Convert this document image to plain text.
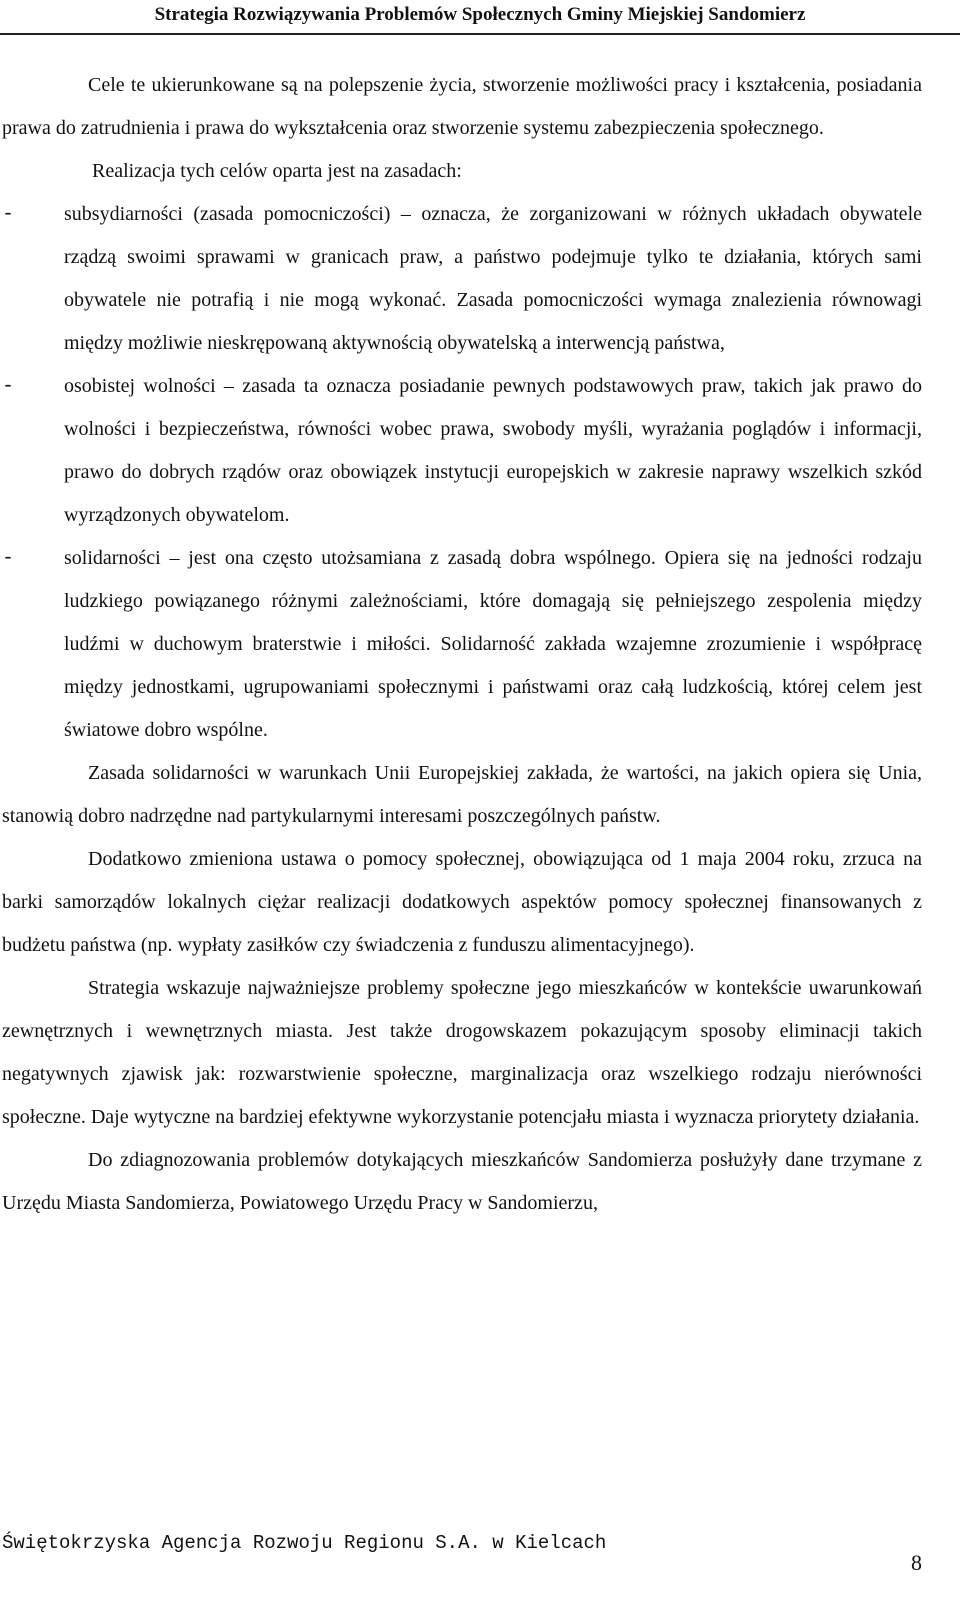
Strategia Rozwiązywania Problemów Społecznych Gminy Miejskiej Sandomierz

Cele te ukierunkowane są na polepszenie życia, stworzenie możliwości pracy i kształcenia, posiadania prawa do zatrudnienia i prawa do wykształcenia oraz stworzenie systemu zabezpieczenia społecznego.

Realizacja tych celów oparta jest na zasadach:

-	subsydiarności (zasada pomocniczości) – oznacza, że zorganizowani w różnych układach obywatele rządzą swoimi sprawami w granicach praw, a państwo podejmuje tylko te działania, których sami obywatele nie potrafią i nie mogą wykonać. Zasada pomocniczości wymaga znalezienia równowagi między możliwie nieskrępowaną aktywnością obywatelską a interwencją państwa,
-	osobistej wolności – zasada ta oznacza posiadanie pewnych podstawowych praw, takich jak prawo do wolności i bezpieczeństwa, równości wobec prawa, swobody myśli, wyrażania poglądów i informacji, prawo do dobrych rządów oraz obowiązek instytucji europejskich w zakresie naprawy wszelkich szkód wyrządzonych obywatelom.
-	solidarności – jest ona często utożsamiana z zasadą dobra wspólnego. Opiera się na jedności rodzaju ludzkiego powiązanego różnymi zależnościami, które domagają się pełniejszego zespolenia między ludźmi w duchowym braterstwie i miłości. Solidarność zakłada wzajemne zrozumienie i współpracę między jednostkami, ugrupowaniami społecznymi i państwami oraz całą ludzkością, której celem jest światowe dobro wspólne.

Zasada solidarności w warunkach Unii Europejskiej zakłada, że wartości, na jakich opiera się Unia, stanowią dobro nadrzędne nad partykularnymi interesami poszczególnych państw.

Dodatkowo zmieniona ustawa o pomocy społecznej, obowiązująca od 1 maja 2004 roku, zrzuca na barki samorządów lokalnych ciężar realizacji dodatkowych aspektów pomocy społecznej finansowanych z budżetu państwa (np. wypłaty zasiłków czy świadczenia z funduszu alimentacyjnego).

Strategia wskazuje najważniejsze problemy społeczne jego mieszkańców w kontekście uwarunkowań zewnętrznych i wewnętrznych miasta. Jest także drogowskazem pokazującym sposoby eliminacji takich negatywnych zjawisk jak: rozwarstwienie społeczne, marginalizacja oraz wszelkiego rodzaju nierówności społeczne. Daje wytyczne na bardziej efektywne wykorzystanie potencjału miasta i wyznacza priorytety działania.

Do zdiagnozowania problemów dotykających mieszkańców Sandomierza posłużyły dane trzymane z Urzędu Miasta Sandomierza, Powiatowego Urzędu Pracy w Sandomierzu,

Świętokrzyska Agencja Rozwoju Regionu S.A. w Kielcach
8
